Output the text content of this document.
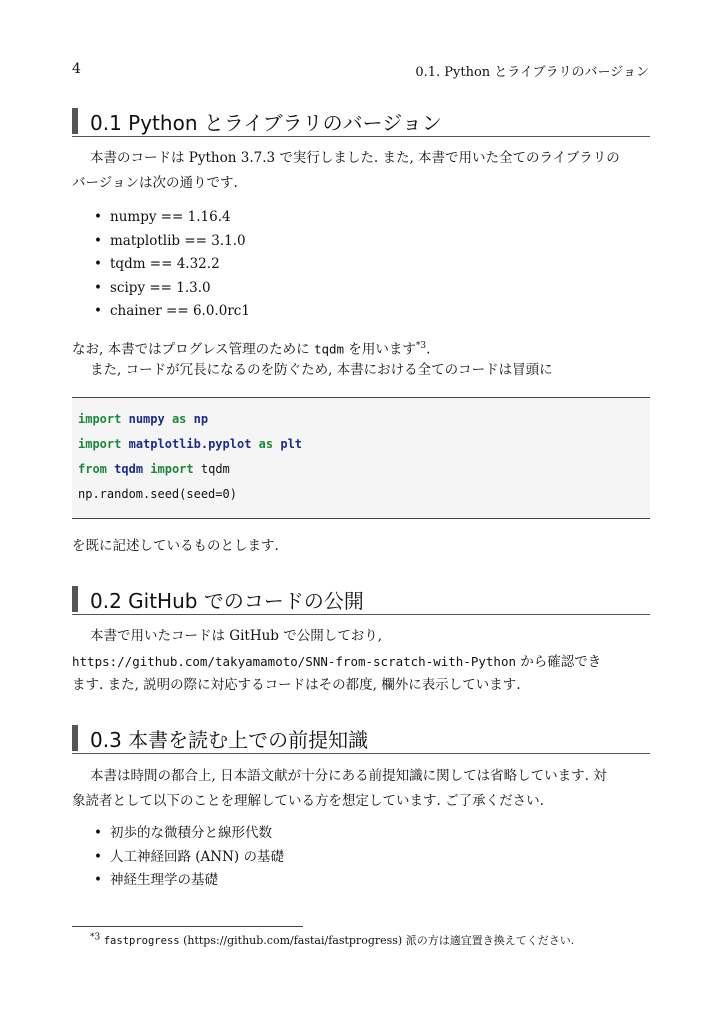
4	0.1. Python とライブラリのバージョン
0.1 Python とライブラリのバージョン
本書のコードは Python 3.7.3 で実行しました. また, 本書で用いた全てのライブラリの
バージョンは次の通りです.
• numpy == 1.16.4
• matplotlib == 3.1.0
• tqdm == 4.32.2
• scipy == 1.3.0
• chainer == 6.0.0rc1
なお, 本書ではプログレス管理のために tqdm を用います$^{*3}$.
また, コードが冗長になるのを防ぐため, 本書における全てのコードは冒頭に
import numpy as np
import matplotlib.pyplot as plt
from tqdm import tqdm
np.random.seed(seed=0)
を既に記述しているものとします.
0.2 GitHub でのコードの公開
本書で用いたコードは GitHub で公開しており,
https://github.com/takyamamoto/SNN-from-scratch-with-Python から確認でき
ます. また, 説明の際に対応するコードはその都度, 欄外に表示しています.
0.3 本書を読む上での前提知識
本書は時間の都合上, 日本語文献が十分にある前提知識に関しては省略しています. 対
象読者として以下のことを理解している方を想定しています. ご了承ください.
• 初歩的な微積分と線形代数
• 人工神経回路 (ANN) の基礎
• 神経生理学の基礎
$^{*3}$ fastprogress (https://github.com/fastai/fastprogress) 派の方は適宜置き換えてください.
